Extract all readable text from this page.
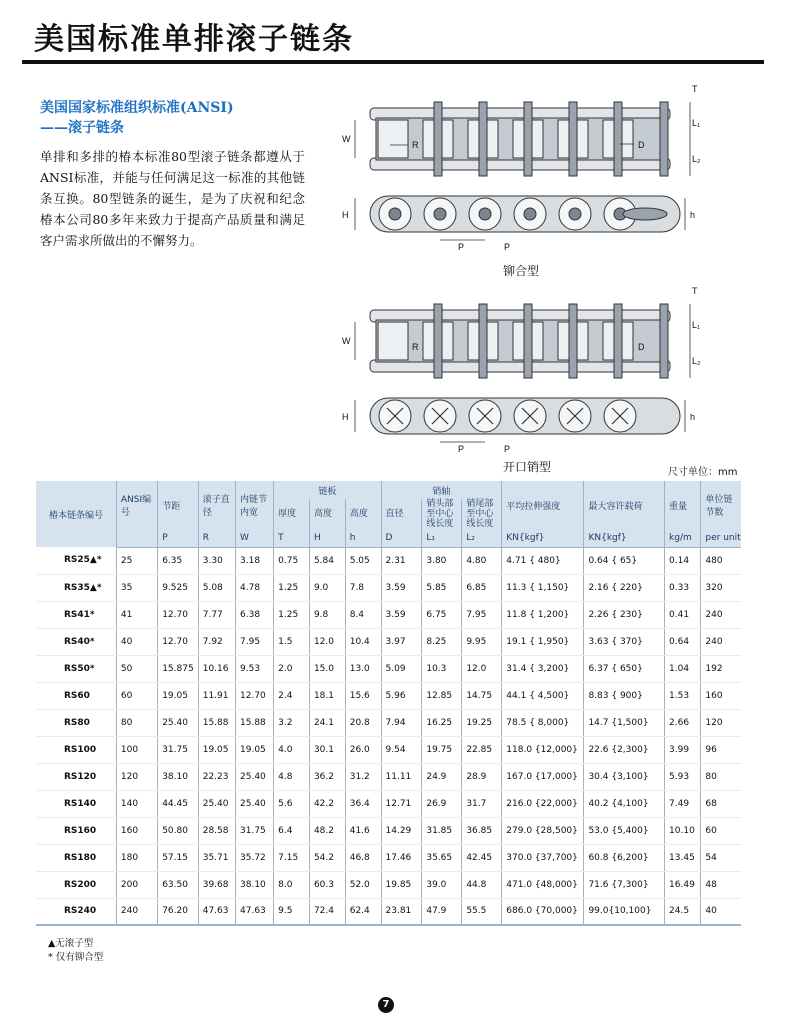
美国标准单排滚子链条
美国国家标准组织标准(ANSI)
——滚子链条
单排和多排的椿本标准80型滚子链条都遵从于ANSI标准，并能与任何满足这一标准的其他链条互换。80型链条的诞生，是为了庆祝和纪念椿本公司80多年来致力于提高产品质量和满足客户需求所做出的不懈努力。
W
H
R	D
T
L₁
L₂
h
P	P
铆合型
W
H
R	D
T
L₁
L₂
h
P	P
开口销型	尺寸单位：mm
椿本链条编号	ANSI编号	节距	滚子直径	内链节内宽	链板			销轴			平均拉伸强度	最大容许载荷	重量	单位链节数
					厚度	高度	高度	直径	销头部至中心线长度	销尾部至中心线长度				
		P	R	W	T	H	h	D	L₁	L₂	KN{kgf}	KN{kgf}	kg/m	per unit
RS25▲*	25	6.35	3.30	3.18	0.75	5.84	5.05	2.31	3.80	4.80	4.71 { 480}	0.64 { 65}	0.14	480
RS35▲*	35	9.525	5.08	4.78	1.25	9.0	7.8	3.59	5.85	6.85	11.3 { 1,150}	2.16 { 220}	0.33	320
RS41*	41	12.70	7.77	6.38	1.25	9.8	8.4	3.59	6.75	7.95	11.8 { 1,200}	2.26 { 230}	0.41	240
RS40*	40	12.70	7.92	7.95	1.5	12.0	10.4	3.97	8.25	9.95	19.1 { 1,950}	3.63 { 370}	0.64	240
RS50*	50	15.875	10.16	9.53	2.0	15.0	13.0	5.09	10.3	12.0	31.4 { 3,200}	6.37 { 650}	1.04	192
RS60	60	19.05	11.91	12.70	2.4	18.1	15.6	5.96	12.85	14.75	44.1 { 4,500}	8.83 { 900}	1.53	160
RS80	80	25.40	15.88	15.88	3.2	24.1	20.8	7.94	16.25	19.25	78.5 { 8,000}	14.7 {1,500}	2.66	120
RS100	100	31.75	19.05	19.05	4.0	30.1	26.0	9.54	19.75	22.85	118.0 {12,000}	22.6 {2,300}	3.99	96
RS120	120	38.10	22.23	25.40	4.8	36.2	31.2	11.11	24.9	28.9	167.0 {17,000}	30.4 {3,100}	5.93	80
RS140	140	44.45	25.40	25.40	5.6	42.2	36.4	12.71	26.9	31.7	216.0 {22,000}	40.2 {4,100}	7.49	68
RS160	160	50.80	28.58	31.75	6.4	48.2	41.6	14.29	31.85	36.85	279.0 {28,500}	53.0 {5,400}	10.10	60
RS180	180	57.15	35.71	35.72	7.15	54.2	46.8	17.46	35.65	42.45	370.0 {37,700}	60.8 {6,200}	13.45	54
RS200	200	63.50	39.68	38.10	8.0	60.3	52.0	19.85	39.0	44.8	471.0 {48,000}	71.6 {7,300}	16.49	48
RS240	240	76.20	47.63	47.63	9.5	72.4	62.4	23.81	47.9	55.5	686.0 {70,000}	99.0{10,100}	24.5	40
▲无滚子型
* 仅有铆合型
7
